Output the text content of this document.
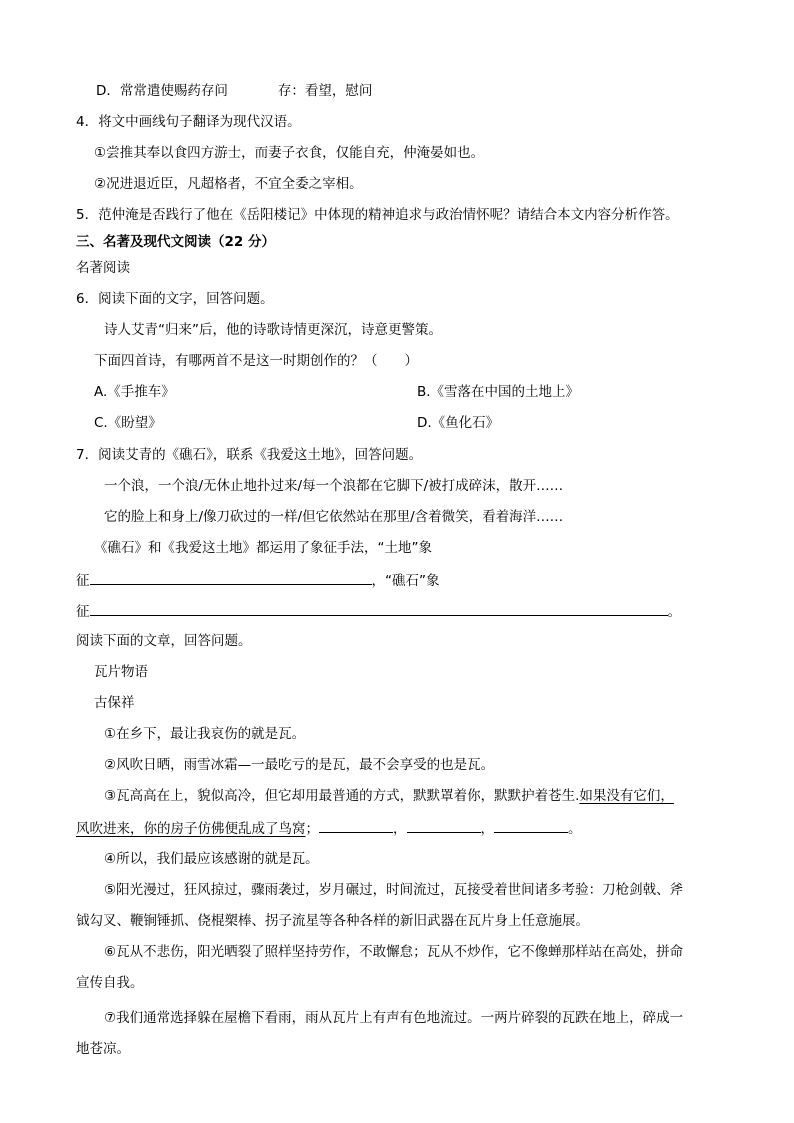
D．常常遣使赐药存问	存：看望，慰问
4．将文中画线句子翻译为现代汉语。
①尝推其奉以食四方游士，而妻子衣食，仅能自充，仲淹晏如也。
②况进退近臣，凡超格者，不宜全委之宰相。
5．范仲淹是否践行了他在《岳阳楼记》中体现的精神追求与政治情怀呢？请结合本文内容分析作答。
三、名著及现代文阅读（22 分）
名著阅读
6．阅读下面的文字，回答问题。
诗人艾青“归来”后，他的诗歌诗情更深沉，诗意更警策。
下面四首诗，有哪两首不是这一时期创作的？（　　）
A.《手推车》	B.《雪落在中国的土地上》
C.《盼望》	D.《鱼化石》
7．阅读艾青的《礁石》，联系《我爱这土地》，回答问题。
一个浪，一个浪/无休止地扑过来/每一个浪都在它脚下/被打成碎沫，散开……
它的脸上和身上/像刀砍过的一样/但它依然站在那里/含着微笑，看着海洋……
《礁石》和《我爱这土地》都运用了象征手法，“土地”象
征	，“礁石”象
征	。
阅读下面的文章，回答问题。
瓦片物语
古保祥
①在乡下，最让我哀伤的就是瓦。
②风吹日晒，雨雪冰霜—一最吃亏的是瓦，最不会享受的也是瓦。
③瓦高高在上，貌似高冷，但它却用最普通的方式，默默罩着你，默默护着苍生.如果没有它们，
风吹进来，你的房子仿佛便乱成了鸟窝；	，	，	。
④所以，我们最应该感谢的就是瓦。
⑤阳光漫过，狂风掠过，骤雨袭过，岁月碾过，时间流过，瓦接受着世间诸多考验：刀枪剑戟、斧
钺勾叉、鞭锏锤抓、侥棍槊棒、拐子流星等各种各样的新旧武器在瓦片身上任意施展。
⑥瓦从不悲伤，阳光晒裂了照样坚持劳作，不敢懈怠；瓦从不炒作，它不像蝉那样站在高处，拼命
宣传自我。
⑦我们通常选择躲在屋檐下看雨，雨从瓦片上有声有色地流过。一两片碎裂的瓦跌在地上，碎成一
地苍凉。
